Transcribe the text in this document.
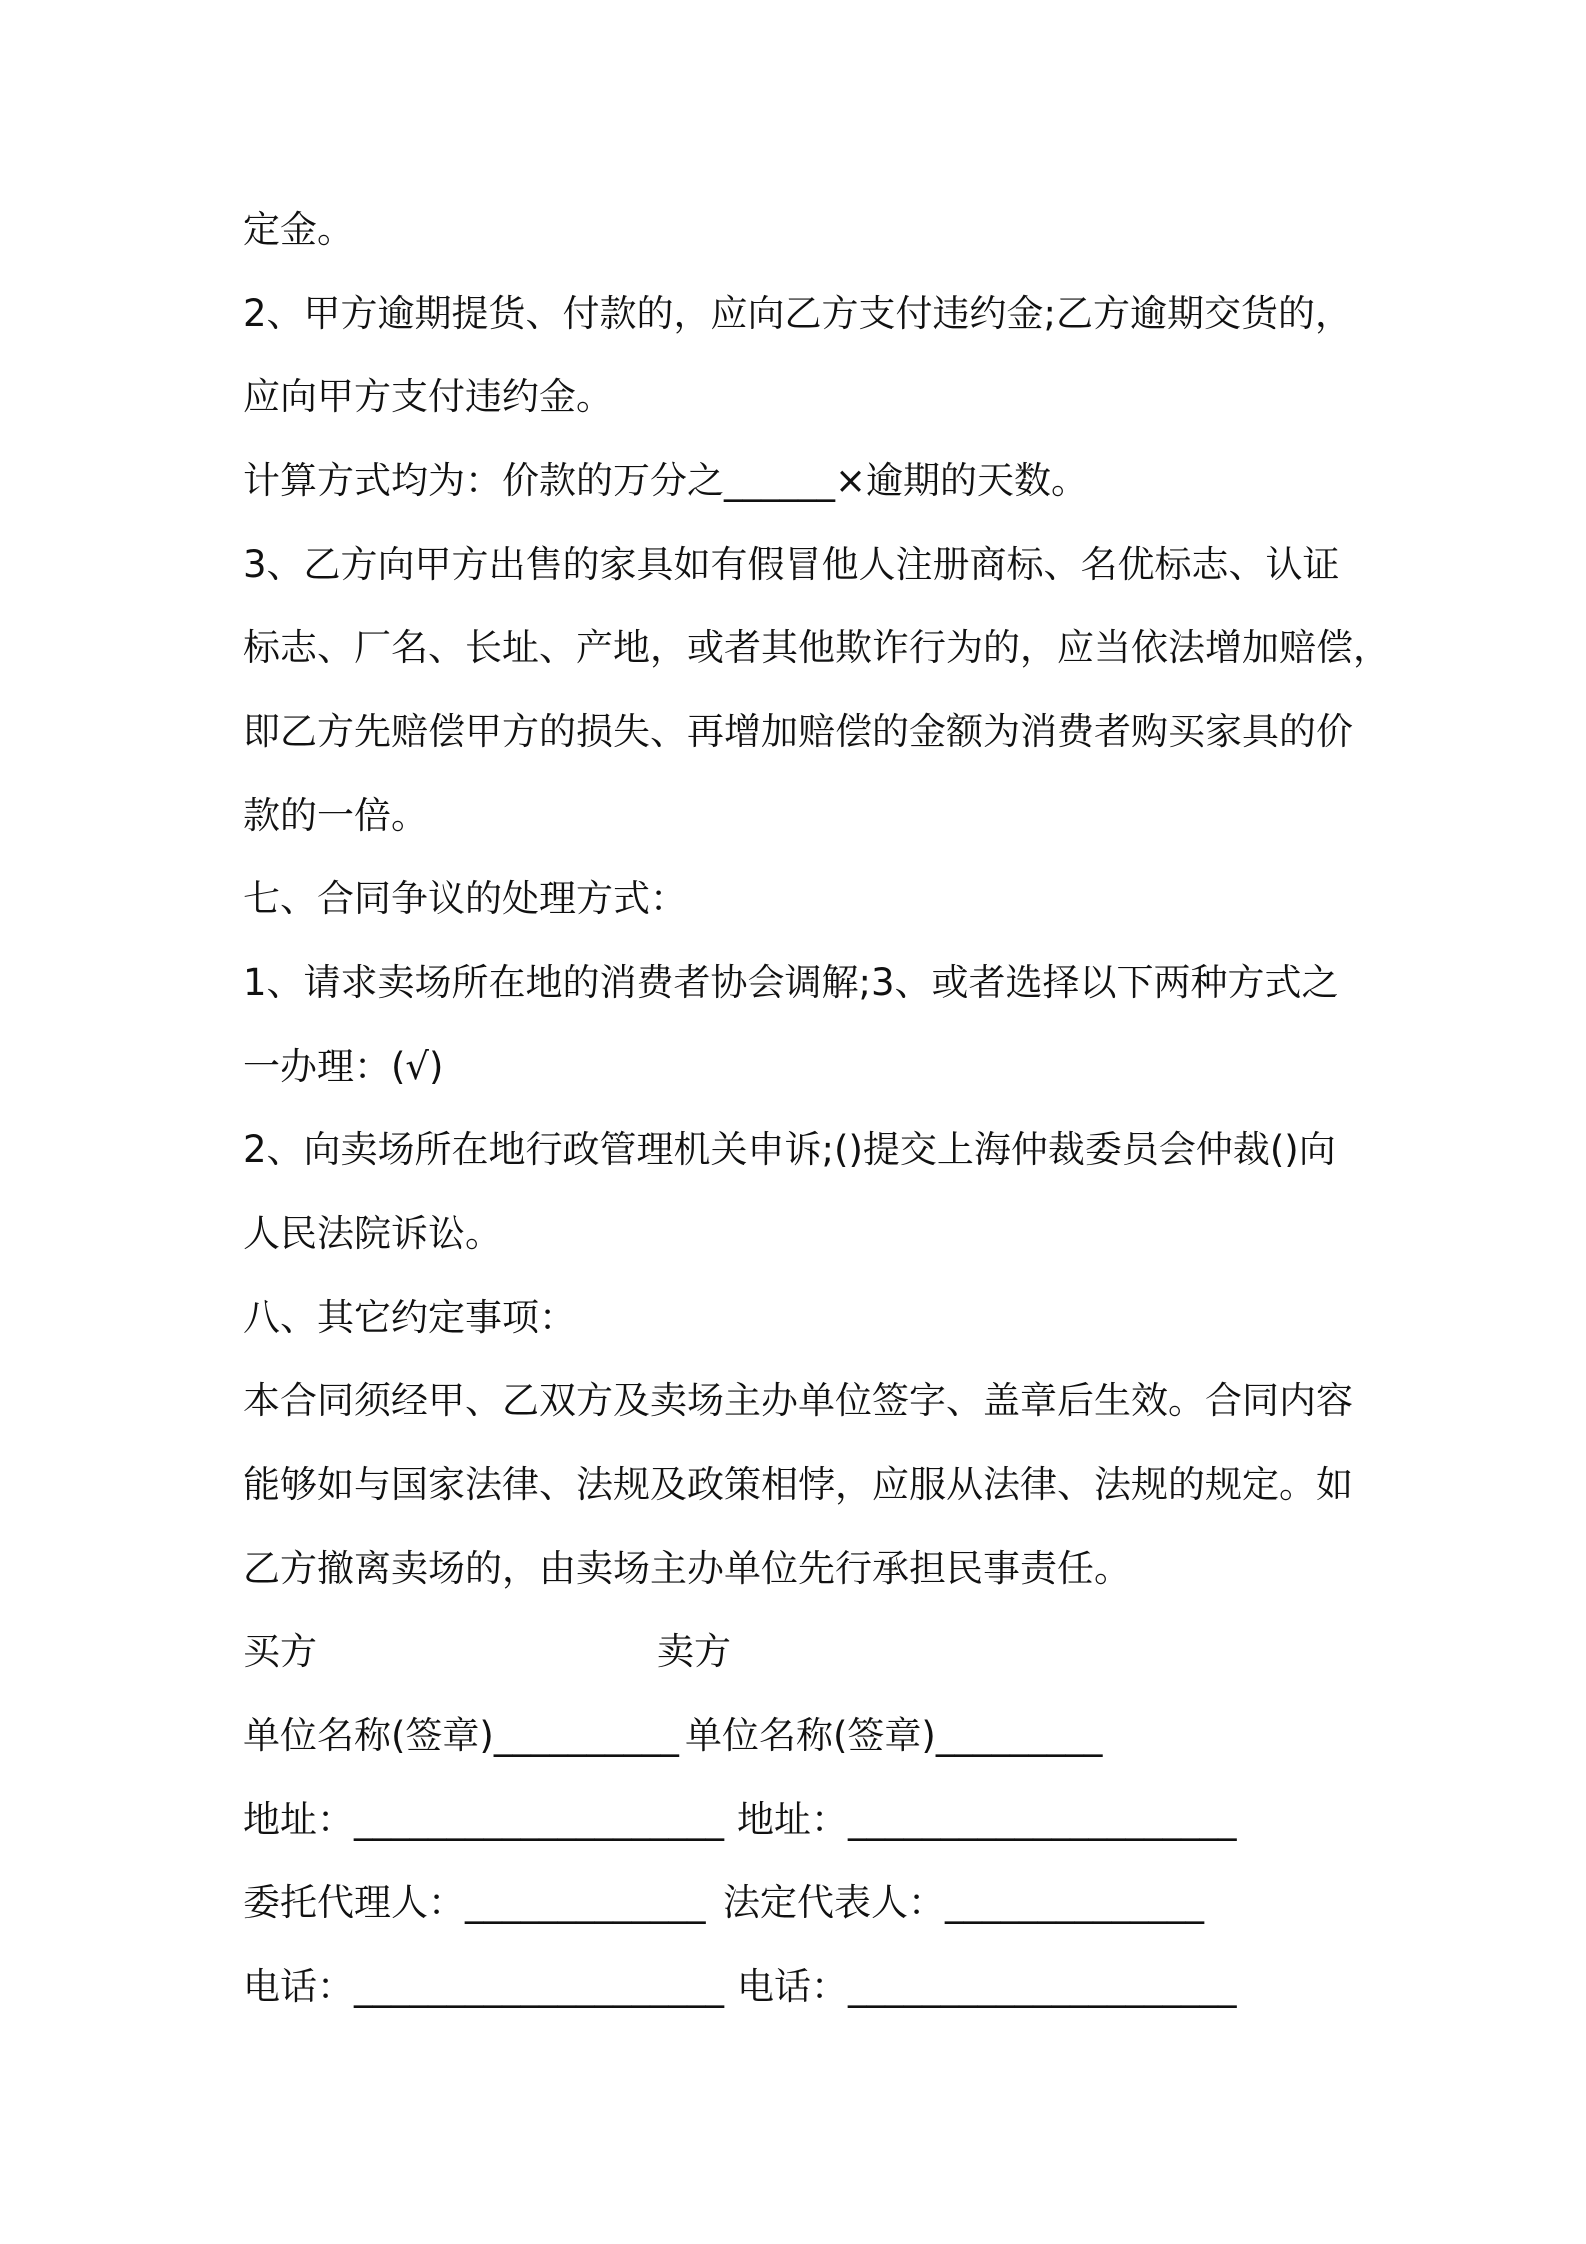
定金。
2、甲方逾期提货、付款的，应向乙方支付违约金;乙方逾期交货的，
应向甲方支付违约金。
计算方式均为：价款的万分之______×逾期的天数。
3、乙方向甲方出售的家具如有假冒他人注册商标、名优标志、认证
标志、厂名、长址、产地，或者其他欺诈行为的，应当依法增加赔偿，
即乙方先赔偿甲方的损失、再增加赔偿的金额为消费者购买家具的价
款的一倍。
七、合同争议的处理方式：
1、请求卖场所在地的消费者协会调解;3、或者选择以下两种方式之
一办理：(√)
2、向卖场所在地行政管理机关申诉;()提交上海仲裁委员会仲裁()向
人民法院诉讼。
八、其它约定事项：
本合同须经甲、乙双方及卖场主办单位签字、盖章后生效。合同内容
能够如与国家法律、法规及政策相悖，应服从法律、法规的规定。如
乙方撤离卖场的，由卖场主办单位先行承担民事责任。
买方	卖方
单位名称(签章)__________ 单位名称(签章)_________
地址：____________________ 地址：_____________________
委托代理人：_____________ 法定代表人：______________
电话：____________________ 电话：_____________________
